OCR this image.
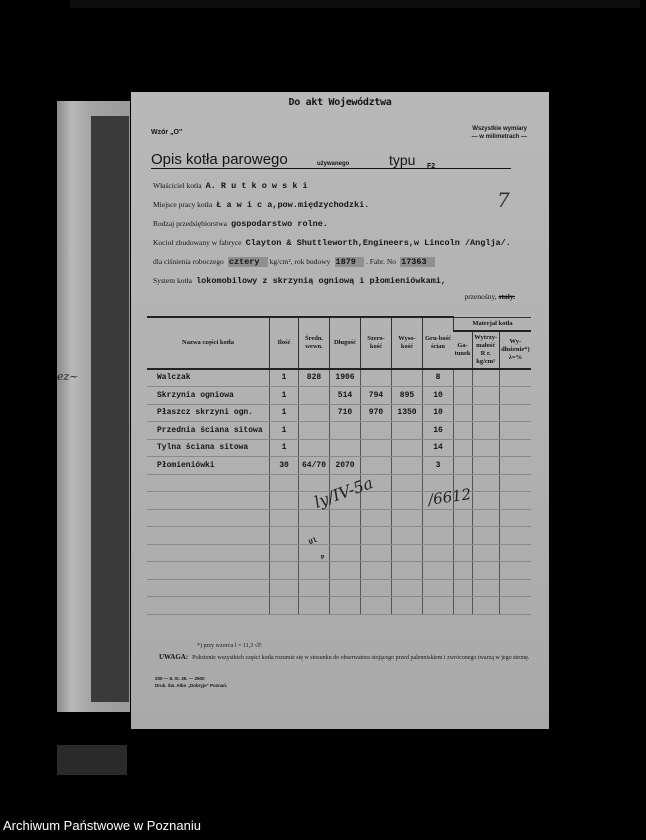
ez~
Do akt Województwa
Wzór „O"	Wszystkie wymiary
— w milimetrach —
Opis kotła parowego	używanego	typu F2
Właściciel kotła A. R u t k o w s k i
Miejsce pracy kotła Ł a w i c a,pow.międzychodzki.	7
Rodzaj przedsiębiorstwa gospodarstwo rolne.
Kocioł zbudowany w fabryce Clayton & Shuttleworth,Engineers,w Lincoln /Anglja/.
dla ciśnienia roboczego cztery kg/cm², rok budowy 1879 . Fabr. No 17363
System kotła lokomobilowy z skrzynią ogniową i płomieniówkami,
przenośny, stały.
Nazwa części kotła	Ilość	Średn. wewn.	Długość	Szero-kość	Wyso-kość	Gru-bość ścian	Materjał kotła		
							Ga-tunek	Wytrzy-małość R r. kg/cm²	Wy-dłużenie*) λ=%
Walczak	1	828	1906			8			
Skrzynia ogniowa	1		514	794	895	10			
Płaszcz skrzyni ogn.	1		710	970	1350	10			
Przednia ściana sitowa	1					16			
Tylna ściana sitowa	1					14			
Płomieniówki	30	64/70	2070			3			

ly/IV-5a	/6612
Ul
P
*) przy wzorcu l = 11,3 √F.
UWAGA: Położenie wszystkich części kotła rozumie się w stosunku do obserwatora stojącego przed palenniskiem i zwróconego twarzą w jego stronę.
200 — 8. IX. 35. — 2500
Druk. Św. Albo „Dobryje" Poznań.
Archiwum Państwowe w Poznaniu
